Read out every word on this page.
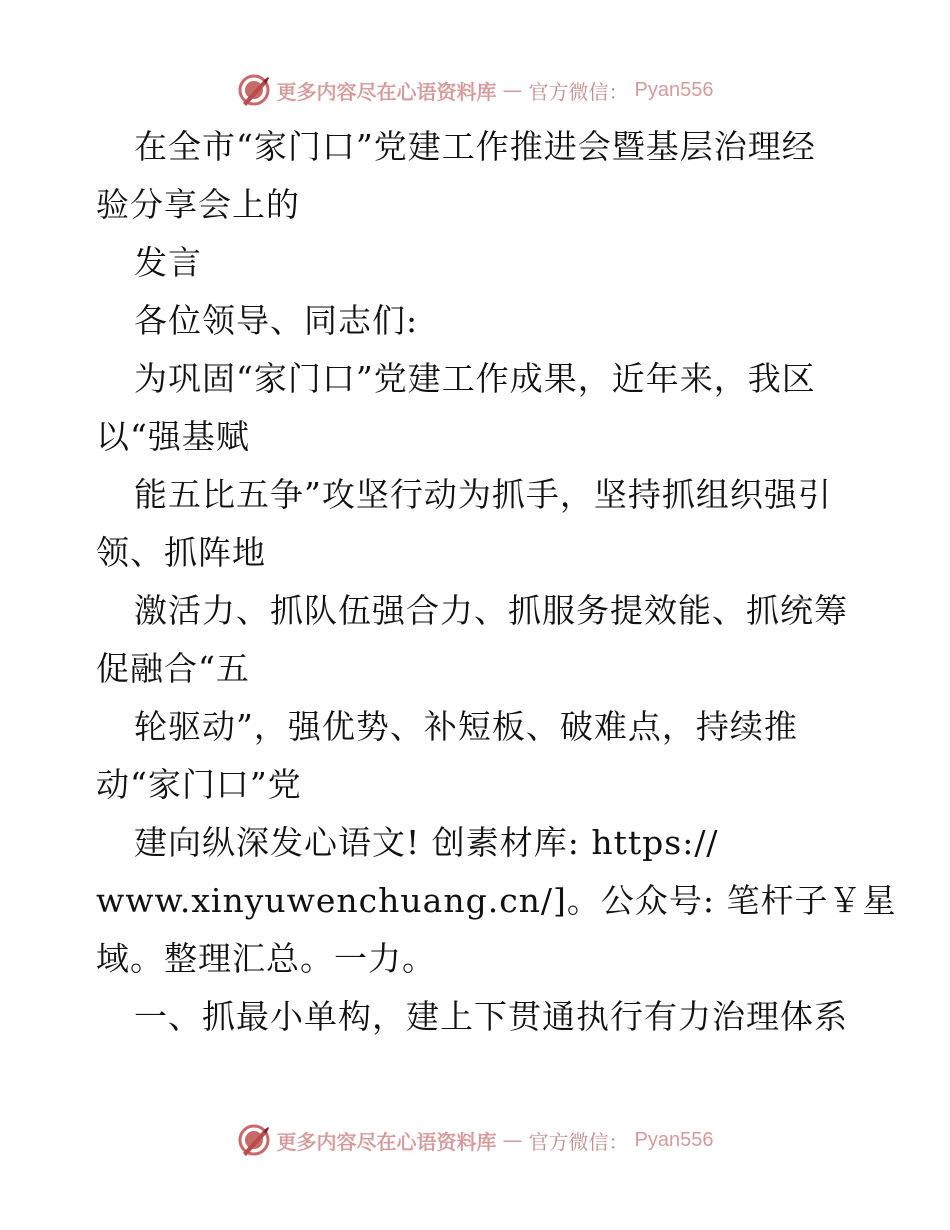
更多内容尽在心语资料库 — 官方微信： Pyan556
在全市“家门口”党建工作推进会暨基层治理经
验分享会上的
发言
各位领导、同志们:
为巩固“家门口”党建工作成果，近年来，我区
以“强基赋
能五比五争”攻坚行动为抓手，坚持抓组织强引
领、抓阵地
激活力、抓队伍强合力、抓服务提效能、抓统筹
促融合“五
轮驱动”，强优势、补短板、破难点，持续推
动“家门口”党
建向纵深发心语文! 创素材库: https://
www.xinyuwenchuang.cn/]。公众号: 笔杆子￥星
域。整理汇总。一力。
一、抓最小单构，建上下贯通执行有力治理体系
更多内容尽在心语资料库 — 官方微信： Pyan556
